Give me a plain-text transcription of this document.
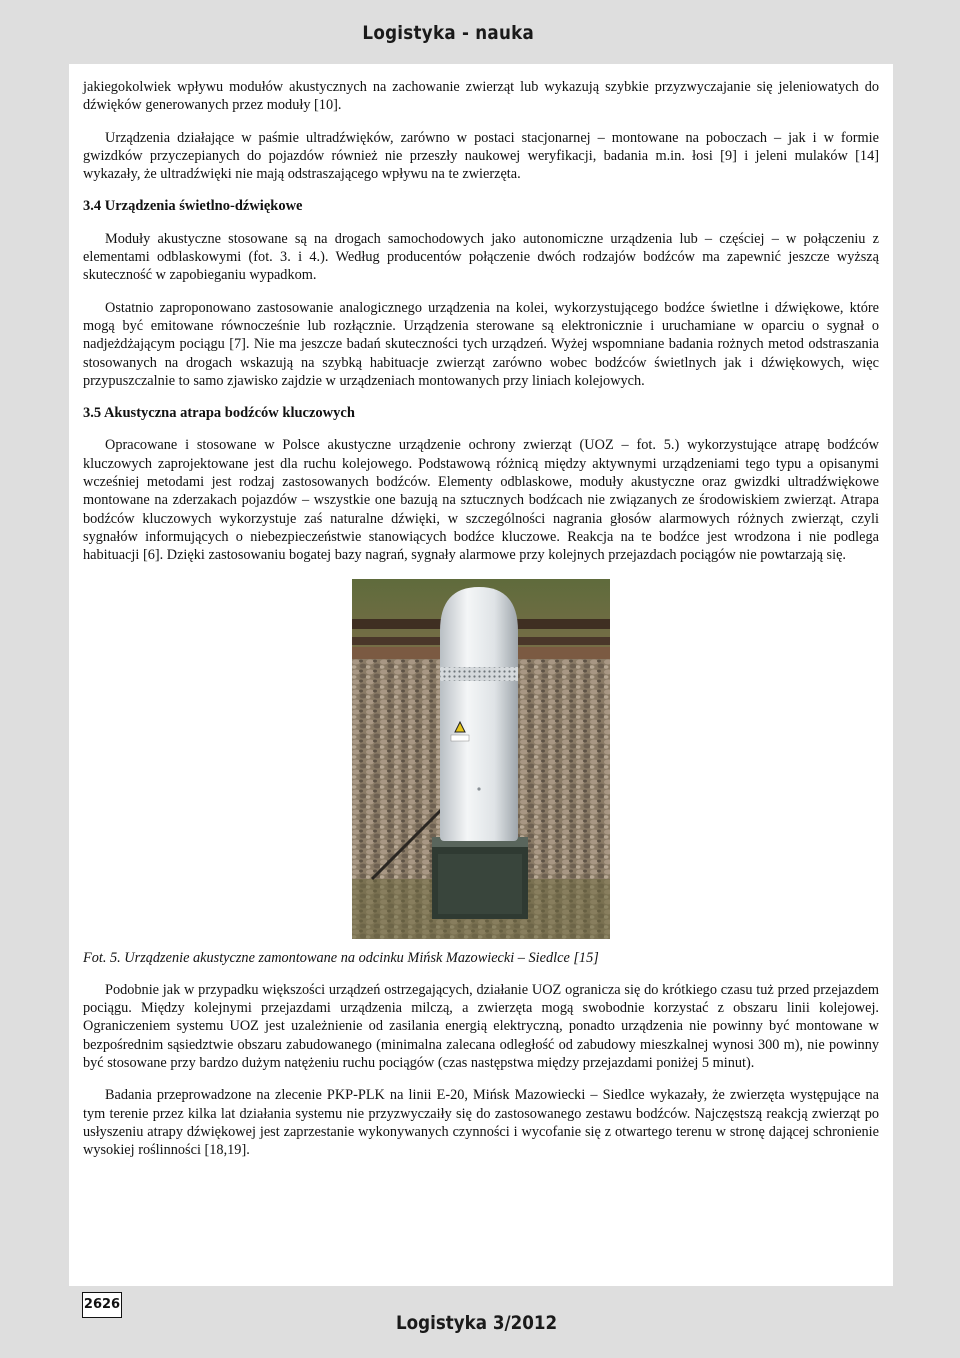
Logistyka - nauka

jakiegokolwiek wpływu modułów akustycznych na zachowanie zwierząt lub wykazują szybkie przyzwyczajanie się jeleniowatych do dźwięków generowanych przez moduły [10].

Urządzenia działające w paśmie ultradźwięków, zarówno w postaci stacjonarnej – montowane na poboczach – jak i w formie gwizdków przyczepianych do pojazdów również nie przeszły naukowej weryfikacji, badania m.in. łosi [9] i jeleni mulaków [14] wykazały, że ultradźwięki nie mają odstraszającego wpływu na te zwierzęta.

3.4 Urządzenia świetlno-dźwiękowe

Moduły akustyczne stosowane są na drogach samochodowych jako autonomiczne urządzenia lub – częściej – w połączeniu z elementami odblaskowymi (fot. 3. i 4.). Według producentów połączenie dwóch rodzajów bodźców ma zapewnić jeszcze wyższą skuteczność w zapobieganiu wypadkom.

Ostatnio zaproponowano zastosowanie analogicznego urządzenia na kolei, wykorzystującego bodźce świetlne i dźwiękowe, które mogą być emitowane równocześnie lub rozłącznie. Urządzenia sterowane są elektronicznie i uruchamiane w oparciu o sygnał o nadjeżdżającym pociągu [7]. Nie ma jeszcze badań skuteczności tych urządzeń. Wyżej wspomniane badania rożnych metod odstraszania stosowanych na drogach wskazują na szybką habituacje zwierząt zarówno wobec bodźców świetlnych jak i dźwiękowych, więc przypuszczalnie to samo zjawisko zajdzie w urządzeniach montowanych przy liniach kolejowych.

3.5 Akustyczna atrapa bodźców kluczowych

Opracowane i stosowane w Polsce akustyczne urządzenie ochrony zwierząt (UOZ – fot. 5.) wykorzystujące atrapę bodźców kluczowych zaprojektowane jest dla ruchu kolejowego. Podstawową różnicą między aktywnymi urządzeniami tego typu a opisanymi wcześniej metodami jest rodzaj zastosowanych bodźców. Elementy odblaskowe, moduły akustyczne oraz gwizdki ultradźwiękowe montowane na zderzakach pojazdów – wszystkie one bazują na sztucznych bodźcach nie związanych ze środowiskiem zwierząt. Atrapa bodźców kluczowych wykorzystuje zaś naturalne dźwięki, w szczególności nagrania głosów alarmowych różnych zwierząt, czyli sygnałów informujących o niebezpieczeństwie stanowiących bodźce kluczowe. Reakcja na te bodźce jest wrodzona i nie podlega habituacji [6]. Dzięki zastosowaniu bogatej bazy nagrań, sygnały alarmowe przy kolejnych przejazdach pociągów nie powtarzają się.

Fot. 5. Urządzenie akustyczne zamontowane na odcinku Mińsk Mazowiecki – Siedlce [15]

Podobnie jak w przypadku większości urządzeń ostrzegających, działanie UOZ ogranicza się do krótkiego czasu tuż przed przejazdem pociągu. Między kolejnymi przejazdami urządzenia milczą, a zwierzęta mogą swobodnie korzystać z obszaru linii kolejowej. Ograniczeniem systemu UOZ jest uzależnienie od zasilania energią elektryczną, ponadto urządzenia nie powinny być montowane w bezpośrednim sąsiedztwie obszaru zabudowanego (minimalna zalecana odległość od zabudowy mieszkalnej wynosi 300 m), nie powinny być stosowane przy bardzo dużym natężeniu ruchu pociągów (czas następstwa między przejazdami poniżej 5 minut).

Badania przeprowadzone na zlecenie PKP-PLK na linii E-20, Mińsk Mazowiecki – Siedlce wykazały, że zwierzęta występujące na tym terenie przez kilka lat działania systemu nie przyzwyczaiły się do zastosowanego zestawu bodźców. Najczęstszą reakcją zwierząt po usłyszeniu atrapy dźwiękowej jest zaprzestanie wykonywanych czynności i wycofanie się z otwartego terenu w stronę dającej schronienie wysokiej roślinności [18,19].

2626
Logistyka 3/2012
